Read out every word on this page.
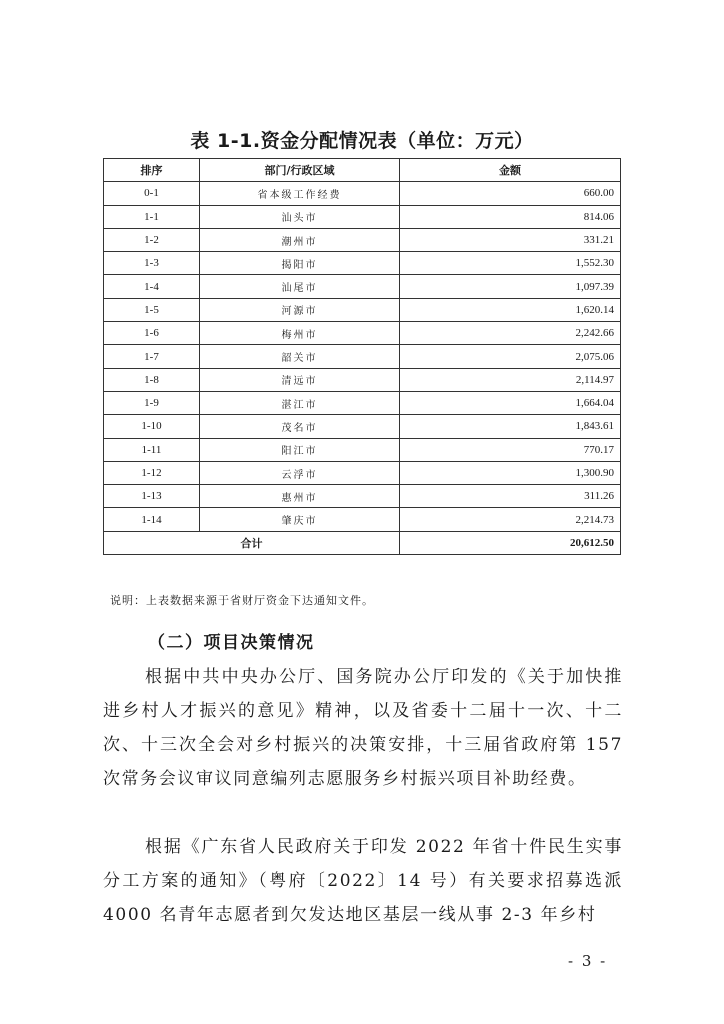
表 1-1.资金分配情况表（单位：万元）
排序	部门/行政区域	金额
0-1	省本级工作经费	660.00
1-1	汕头市	814.06
1-2	潮州市	331.21
1-3	揭阳市	1,552.30
1-4	汕尾市	1,097.39
1-5	河源市	1,620.14
1-6	梅州市	2,242.66
1-7	韶关市	2,075.06
1-8	清远市	2,114.97
1-9	湛江市	1,664.04
1-10	茂名市	1,843.61
1-11	阳江市	770.17
1-12	云浮市	1,300.90
1-13	惠州市	311.26
1-14	肇庆市	2,214.73
合计		20,612.50

说明：上表数据来源于省财厅资金下达通知文件。

（二）项目决策情况

根据中共中央办公厅、国务院办公厅印发的《关于加快推进乡村人才振兴的意见》精神，以及省委十二届十一次、十二次、十三次全会对乡村振兴的决策安排，十三届省政府第 157 次常务会议审议同意编列志愿服务乡村振兴项目补助经费。

根据《广东省人民政府关于印发 2022 年省十件民生实事分工方案的通知》（粤府〔2022〕14 号）有关要求招募选派 4000 名青年志愿者到欠发达地区基层一线从事 2-3 年乡村

- 3 -
